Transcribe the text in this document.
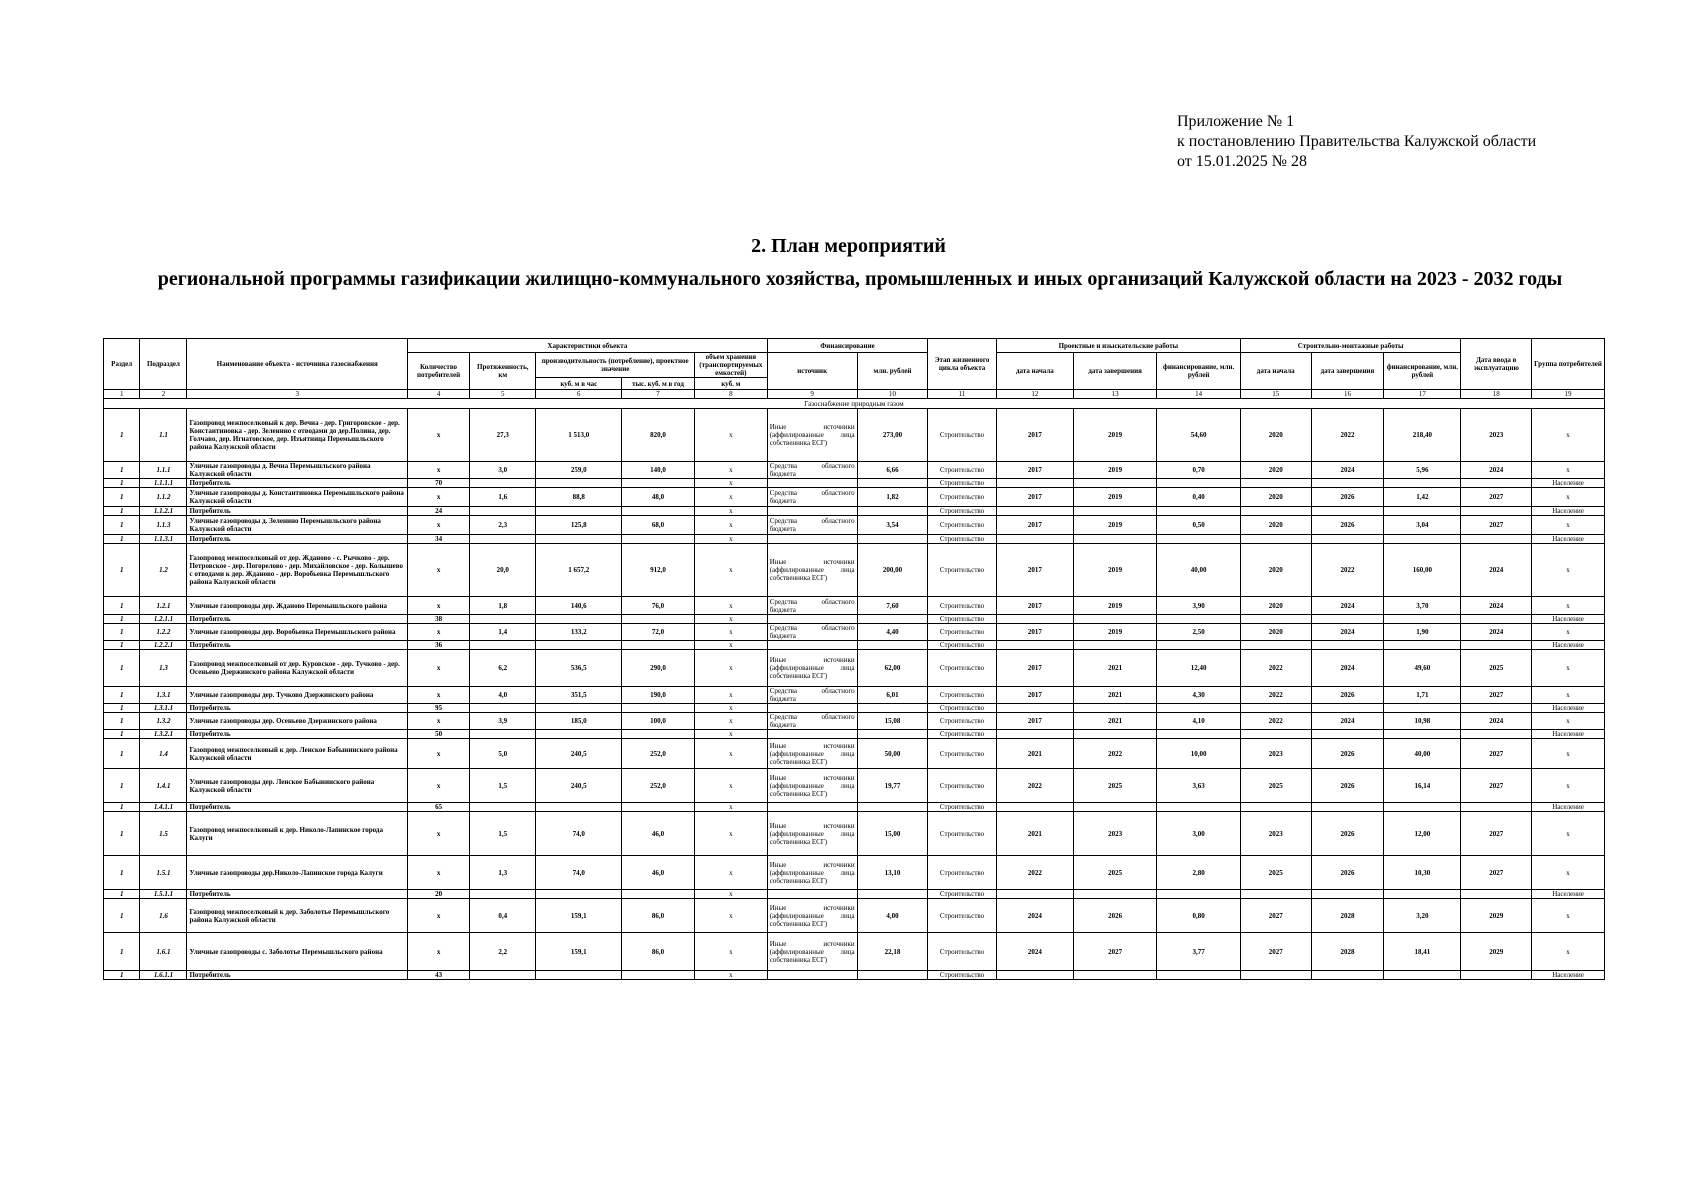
Приложение № 1
к постановлению Правительства Калужской области
от 15.01.2025 № 28
2. План мероприятий
региональной программы газификации жилищно-коммунального хозяйства, промышленных и иных организаций Калужской области на 2023 - 2032 годы
Раздел	Подраздел	Наименование объекта - источника газоснабжения	Характеристики объекта					Финансирование		Этап жизненного цикла объекта	Проектные и изыскательские работы			Строительно-монтажные работы			Дата ввода в эксплуатацию	Группа потребителей
			Количество потребителей	Протяженность, км	производительность (потребление), проектное значение		объем хранения (транспортируемых емкостей)	источник	млн. рублей		дата начала	дата завершения	финансирование, млн. рублей	дата начала	дата завершения	финансирование, млн. рублей		
					куб. м в час	тыс. куб. м в год	куб. м											
1	2	3	4	5	6	7	8	9	10	11	12	13	14	15	16	17	18	19
Газоснабжение природным газом																		
1	1.1	Газопровод межпоселковый к дер. Вечна - дер. Григоровское - дер. Константиновка - дер. Зеленино с отводами до дер.Полина, дер. Голчаво, дер. Игнатовское, дер. Изъятница Перемышльского района Калужской области	х	27,3	1 513,0	820,0	х	Иные источники (аффилированные лица собственника ЕСГ)	273,00	Строительство	2017	2019	54,60	2020	2022	218,40	2023	х
1	1.1.1	Уличные газопроводы д. Вечна Перемышльского района Калужской области	х	3,0	259,0	140,0	х	Средства областного бюджета	6,66	Строительство	2017	2019	0,70	2020	2024	5,96	2024	х
1	1.1.1.1	Потребитель	70				х			Строительство								Население
1	1.1.2	Уличные газопроводы д. Константиновка Перемышльского района Калужской области	х	1,6	88,8	48,0	х	Средства областного бюджета	1,82	Строительство	2017	2019	0,40	2020	2026	1,42	2027	х
1	1.1.2.1	Потребитель	24				х			Строительство								Население
1	1.1.3	Уличные газопроводы д. Зеленино Перемышльского района Калужской области	х	2,3	125,8	68,0	х	Средства областного бюджета	3,54	Строительство	2017	2019	0,50	2020	2026	3,04	2027	х
1	1.1.3.1	Потребитель	34				х			Строительство								Население
1	1.2	Газопровод межпоселковый от дер. Жданово - с. Рычково - дер. Петровское - дер. Погорелово - дер. Михайловское - дер. Колышево с отводами к дер. Жданово - дер. Воробьевка Перемышльского района Калужской области	х	20,0	1 657,2	912,0	х	Иные источники (аффилированные лица собственника ЕСГ)	200,00	Строительство	2017	2019	40,00	2020	2022	160,00	2024	х
1	1.2.1	Уличные газопроводы дер. Жданово Перемышльского района	х	1,8	140,6	76,0	х	Средства областного бюджета	7,60	Строительство	2017	2019	3,90	2020	2024	3,70	2024	х
1	1.2.1.1	Потребитель	38				х			Строительство								Население
1	1.2.2	Уличные газопроводы дер. Воробьевка Перемышльского района	х	1,4	133,2	72,0	х	Средства областного бюджета	4,40	Строительство	2017	2019	2,50	2020	2024	1,90	2024	х
1	1.2.2.1	Потребитель	36				х			Строительство								Население
1	1.3	Газопровод межпоселковый от дер. Куровское - дер. Тучково - дер. Осеньево Дзержинского района Калужской области	х	6,2	536,5	290,0	х	Иные источники (аффилированные лица собственника ЕСГ)	62,00	Строительство	2017	2021	12,40	2022	2024	49,60	2025	х
1	1.3.1	Уличные газопроводы дер. Тучково Дзержинского района	х	4,0	351,5	190,0	х	Средства областного бюджета	6,01	Строительство	2017	2021	4,30	2022	2026	1,71	2027	х
1	1.3.1.1	Потребитель	95				х			Строительство								Население
1	1.3.2	Уличные газопроводы дер. Осеньево Дзержинского района	х	3,9	185,0	100,0	х	Средства областного бюджета	15,08	Строительство	2017	2021	4,10	2022	2024	10,98	2024	х
1	1.3.2.1	Потребитель	50				х			Строительство								Население
1	1.4	Газопровод межпоселковый к дер. Ленское Бабынинского района Калужской области	х	5,0	240,5	252,0	х	Иные источники (аффилированные лица собственника ЕСГ)	50,00	Строительство	2021	2022	10,00	2023	2026	40,00	2027	х
1	1.4.1	Уличные газопроводы дер. Ленское Бабынинского района Калужской области	х	1,5	240,5	252,0	х	Иные источники (аффилированные лица собственника ЕСГ)	19,77	Строительство	2022	2025	3,63	2025	2026	16,14	2027	х
1	1.4.1.1	Потребитель	65				х			Строительство								Население
1	1.5	Газопровод межпоселковый к дер. Николо-Лапинское города Калуги	х	1,5	74,0	46,0	х	Иные источники (аффилированные лица собственника ЕСГ)	15,00	Строительство	2021	2023	3,00	2023	2026	12,00	2027	х
1	1.5.1	Уличные газопроводы дер.Николо-Лапинское города Калуги	х	1,3	74,0	46,0	х	Иные источники (аффилированные лица собственника ЕСГ)	13,10	Строительство	2022	2025	2,80	2025	2026	10,30	2027	х
1	1.5.1.1	Потребитель	20				х			Строительство								Население
1	1.6	Газопровод межпоселковый к дер. Заболотье Перемышльского района Калужской области	х	0,4	159,1	86,0	х	Иные источники (аффилированные лица собственника ЕСГ)	4,00	Строительство	2024	2026	0,80	2027	2028	3,20	2029	х
1	1.6.1	Уличные газопроводы с. Заболотье Перемышльского района	х	2,2	159,1	86,0	х	Иные источники (аффилированные лица собственника ЕСГ)	22,18	Строительство	2024	2027	3,77	2027	2028	18,41	2029	х
1	1.6.1.1	Потребитель	43				х			Строительство								Население
